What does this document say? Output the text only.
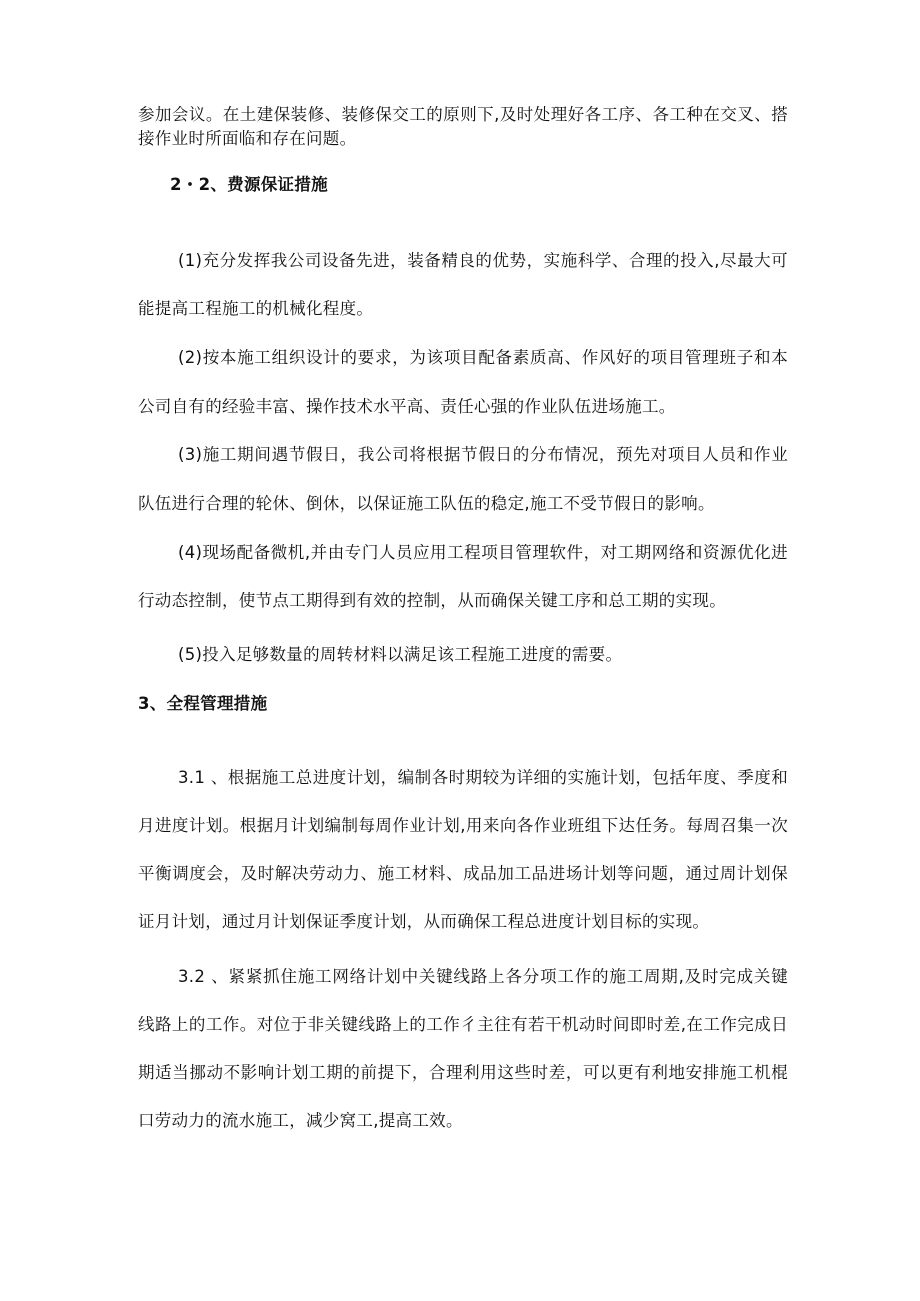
参加会议。在土建保装修、装修保交工的原则下,及时处理好各工序、各工种在交叉、搭
接作业时所面临和存在问题。
2・2、费源保证措施
(1)充分发挥我公司设备先进，装备精良的优势，实施科学、合理的投入,尽最大可
能提高工程施工的机械化程度。
(2)按本施工组织设计的要求，为该项目配备素质高、作风好的项目管理班子和本
公司自有的经验丰富、操作技术水平高、责任心强的作业队伍进场施工。
(3)施工期间遇节假日，我公司将根据节假日的分布情况，预先对项目人员和作业
队伍进行合理的轮休、倒休，以保证施工队伍的稳定,施工不受节假日的影响。
(4)现场配备微机,并由专门人员应用工程项目管理软件，对工期网络和资源优化进
行动态控制，使节点工期得到有效的控制，从而确保关键工序和总工期的实现。
(5)投入足够数量的周转材料以满足该工程施工进度的需要。
3、全程管理措施
3.1 、根据施工总进度计划，编制各时期较为详细的实施计划，包括年度、季度和
月进度计划。根据月计划编制每周作业计划,用来向各作业班组下达任务。每周召集一次
平衡调度会，及时解决劳动力、施工材料、成品加工品进场计划等问题，通过周计划保
证月计划，通过月计划保证季度计划，从而确保工程总进度计划目标的实现。
3.2 、紧紧抓住施工网络计划中关键线路上各分项工作的施工周期,及时完成关键
线路上的工作。对位于非关键线路上的工作彳主往有若干机动时间即时差,在工作完成日
期适当挪动不影响计划工期的前提下，合理利用这些时差，可以更有利地安排施工机棍
口劳动力的流水施工，减少窝工,提高工效。
